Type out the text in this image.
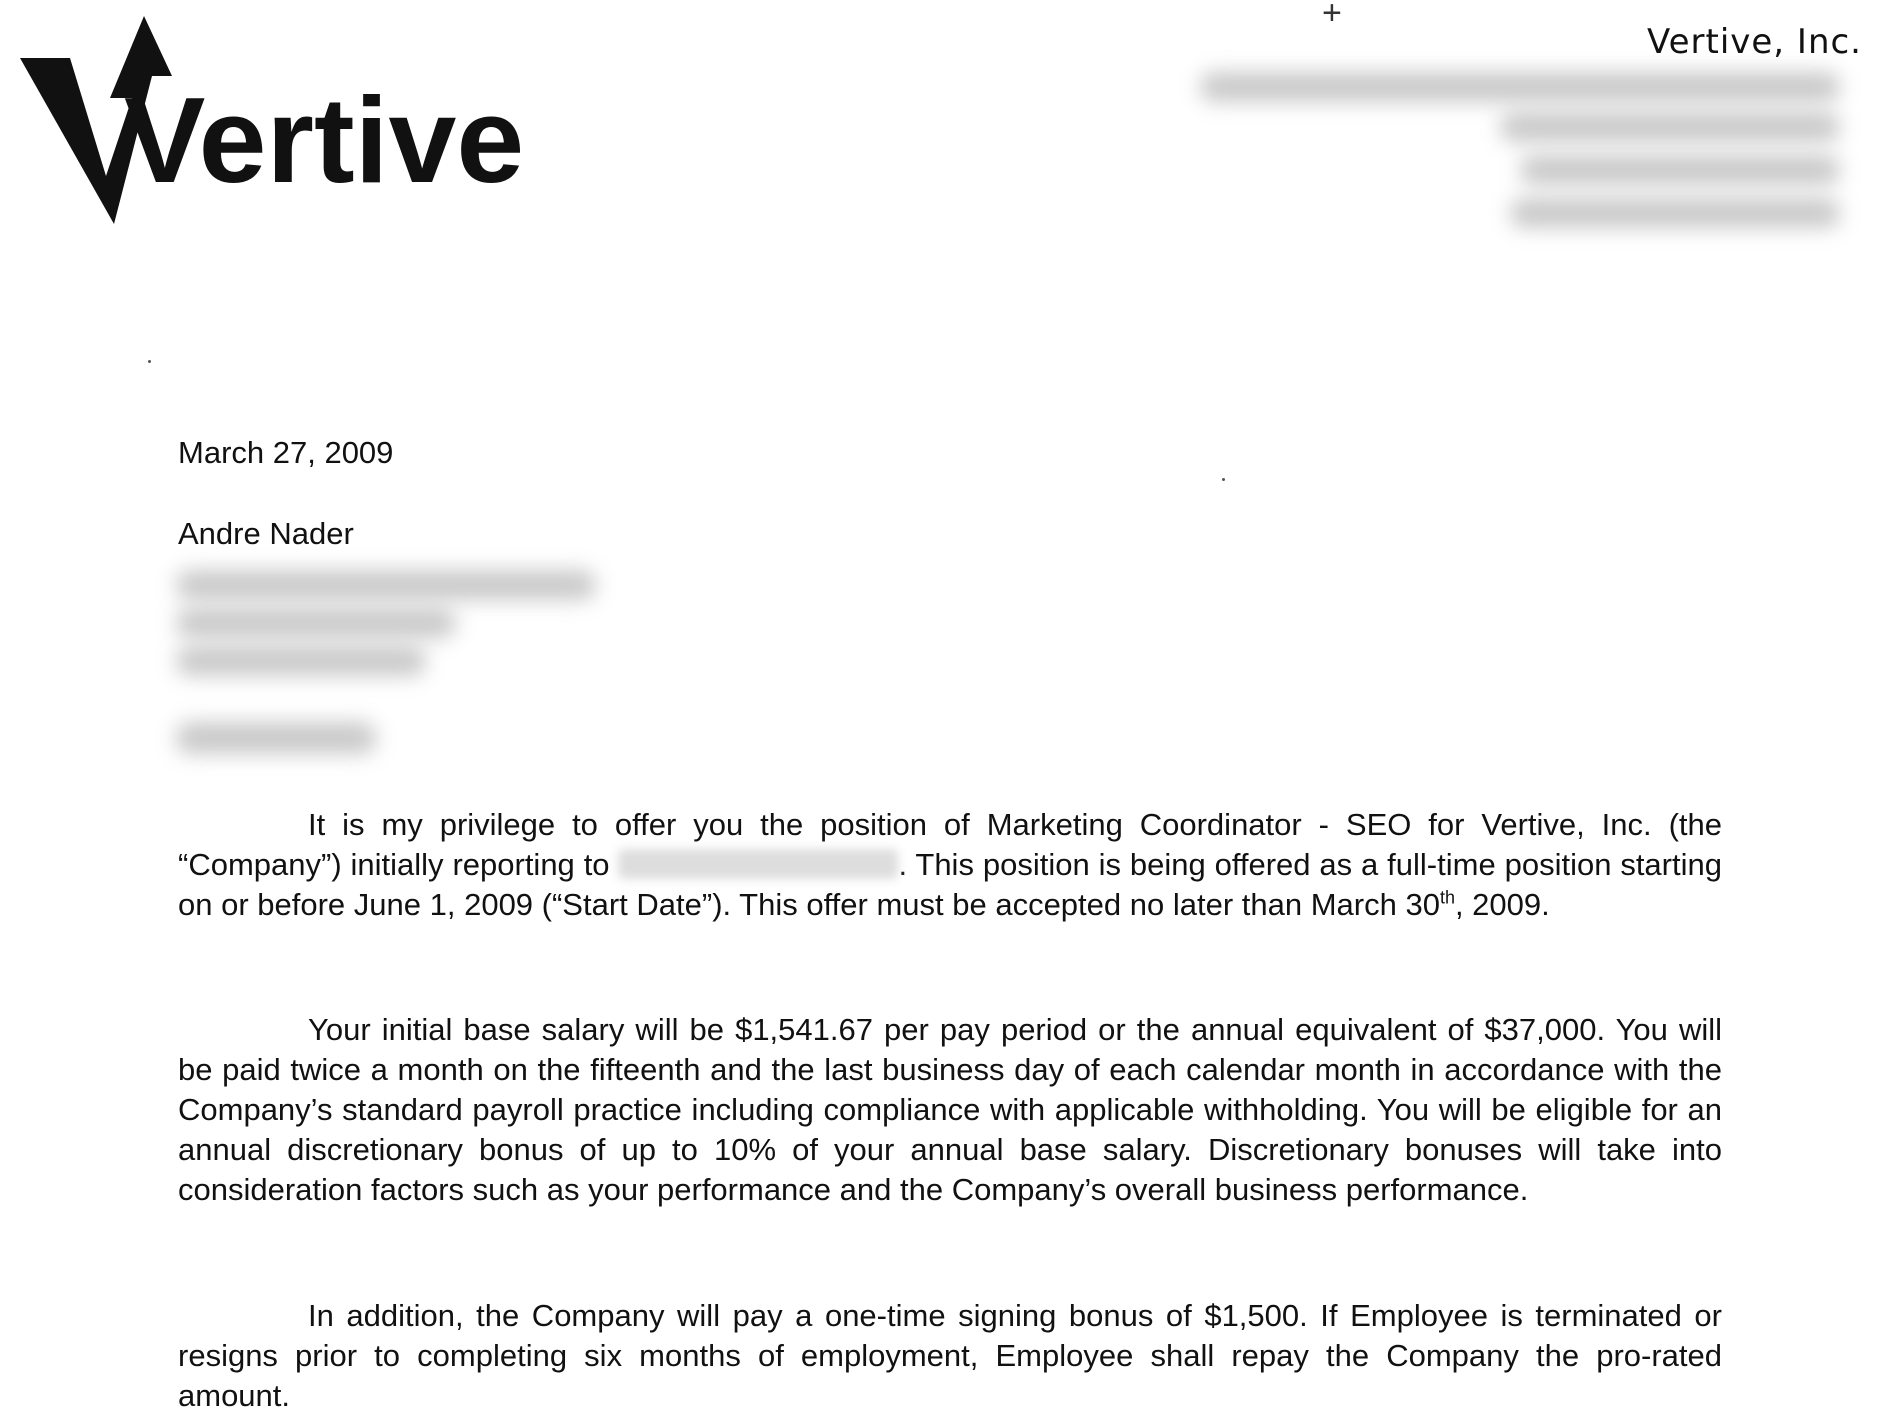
Vertive
+
Vertive, Inc.
March 27, 2009
Andre Nader

It is my privilege to offer you the position of Marketing Coordinator - SEO for Vertive, Inc. (the “Company”) initially reporting to	. This position is being offered as a full-time position starting on or before June 1, 2009 (“Start Date”). This offer must be accepted no later than March 30th, 2009.

Your initial base salary will be $1,541.67 per pay period or the annual equivalent of $37,000. You will be paid twice a month on the fifteenth and the last business day of each calendar month in accordance with the Company’s standard payroll practice including compliance with applicable withholding. You will be eligible for an annual discretionary bonus of up to 10% of your annual base salary. Discretionary bonuses will take into consideration factors such as your performance and the Company’s overall business performance.

In addition, the Company will pay a one-time signing bonus of $1,500. If Employee is terminated or resigns prior to completing six months of employment, Employee shall repay the Company the pro-rated amount.
